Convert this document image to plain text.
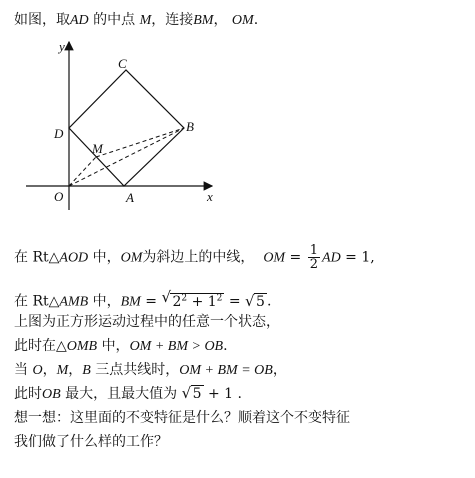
如图，取AD 的中点 M，连接BM， OM.
y
x
O	A
B
C
D
M
在 Rt△AOD 中，OM为斜边上的中线， OM = $\frac{1}{2}$ AD = 1,
在 Rt△AMB 中，BM = √ $2^2 + 1^2$ = √ 5 .
上图为正方形运动过程中的任意一个状态，
此时在△OMB 中，OM + BM > OB.
当 O，M，B 三点共线时，OM + BM = OB，
此时OB 最大，且最大值为 √ 5 + 1 .
想一想：这里面的不变特征是什么？顺着这个不变特征
我们做了什么样的工作？
